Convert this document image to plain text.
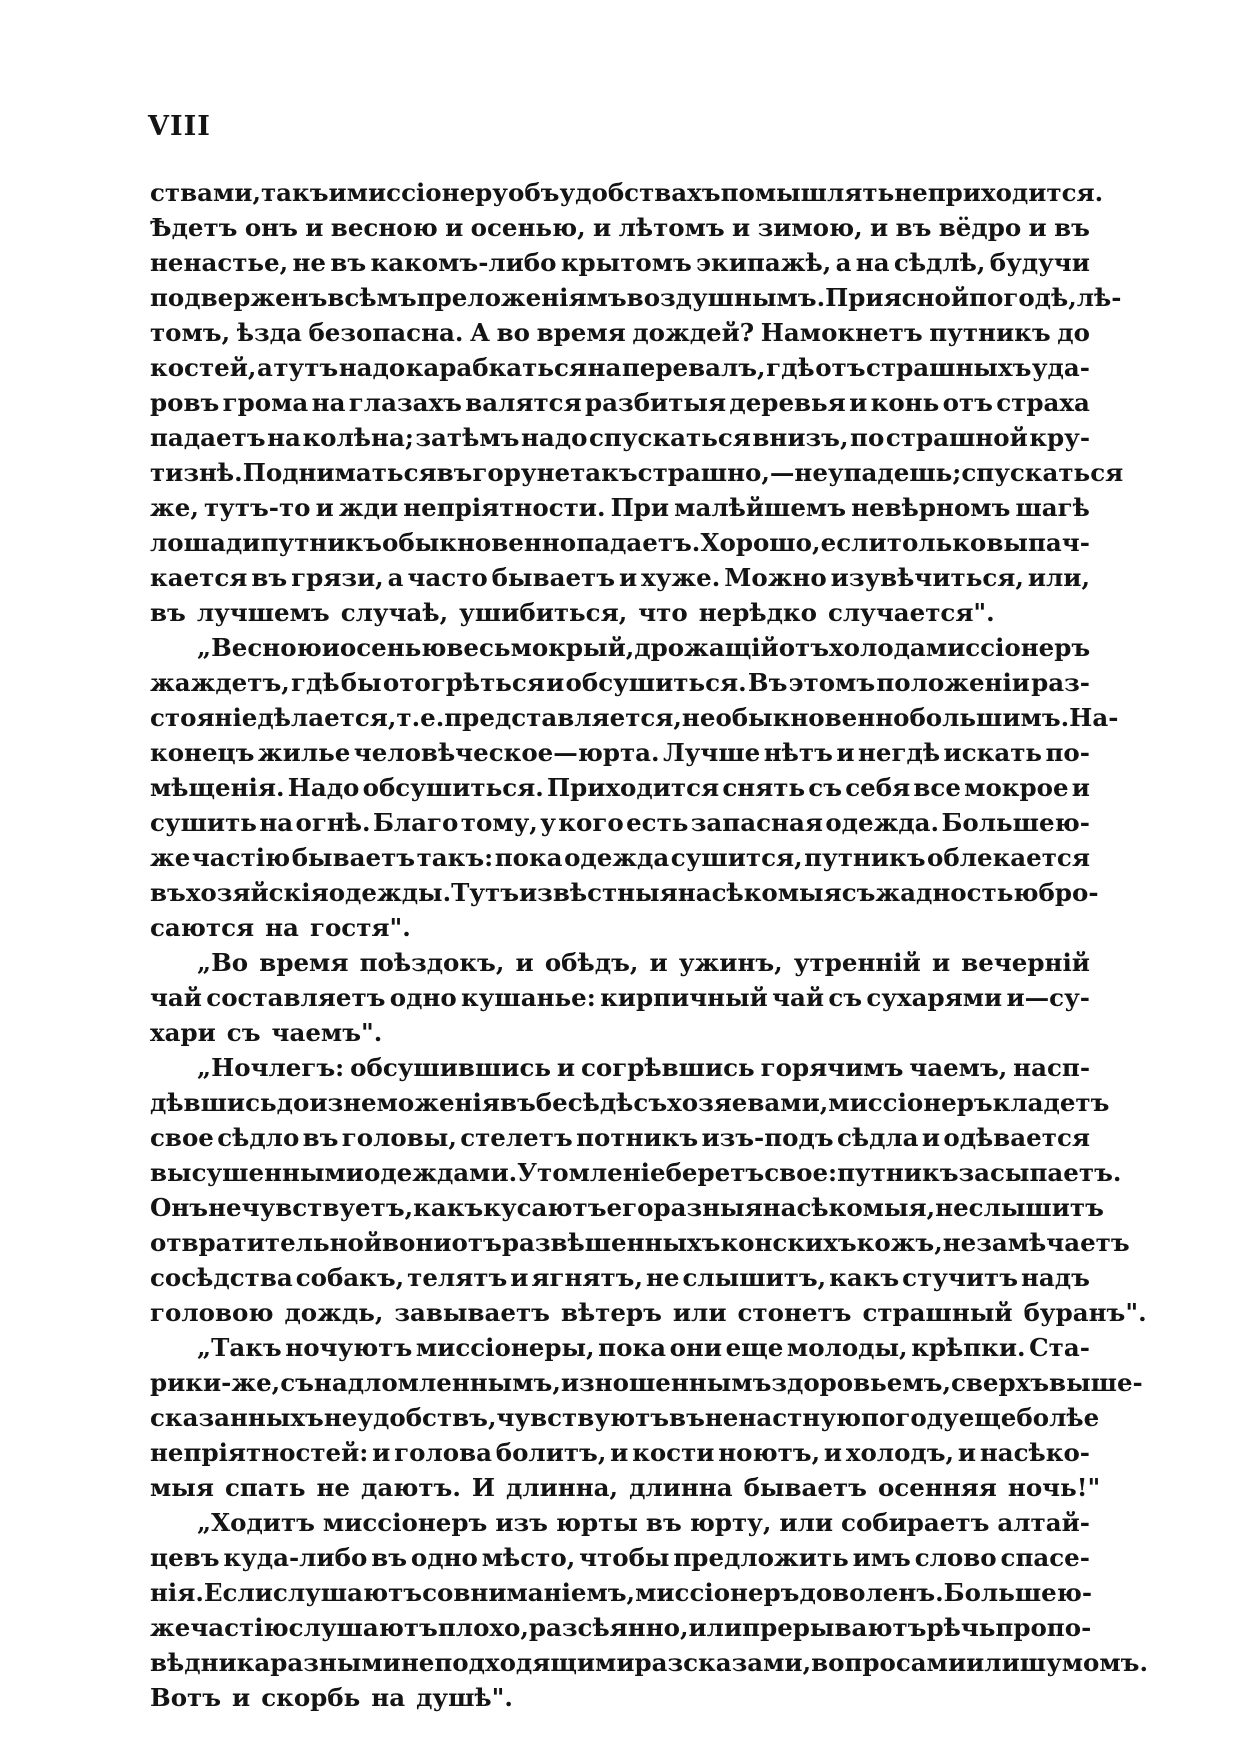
VIII
ствами, такъ и миссіонеру объ удобствахъ помышлять не приходится.
Ѣдетъ онъ и весною и осенью, и лѣтомъ и зимою, и въ вёдро и въ
ненастье, не въ какомъ-либо крытомъ экипажѣ, а на сѣдлѣ, будучи
подверженъ всѣмъ преложеніямъ воздушнымъ. При ясной погодѣ, лѣ-
томъ, ѣзда безопасна. А во время дождей? Намокнетъ путникъ до
костей, а тутъ надо карабкаться на перевалъ, гдѣ отъ страшныхъ уда-
ровъ грома на глазахъ валятся разбитыя деревья и конь отъ страха
падаетъ на колѣна; затѣмъ надо спускаться внизъ, по страшной кру-
тизнѣ. Подниматься въ гору не такъ страшно,—не упадешь; спускаться
же, тутъ-то и жди непріятности. При малѣйшемъ невѣрномъ шагѣ
лошади путникъ обыкновенно падаетъ. Хорошо, если только выпач-
кается въ грязи, а часто бываетъ и хуже. Можно изувѣчиться, или,
въ лучшемъ случаѣ, ушибиться, что нерѣдко случается".
„Весною и осенью весь мокрый, дрожащій отъ холода миссіонеръ
жаждетъ, гдѣ бы отогрѣться и обсушиться. Въ этомъ положеніи раз-
стояніе дѣлается, т. е. представляется, необыкновенно большимъ. На-
конецъ жилье человѣческое—юрта. Лучше нѣтъ и негдѣ искать по-
мѣщенія. Надо обсушиться. Приходится снять съ себя все мокрое и
сушить на огнѣ. Благо тому, у кого есть запасная одежда. Большею-
же частію бываетъ такъ: пока одежда сушится, путникъ облекается
въ хозяйскія одежды. Тутъ извѣстныя насѣкомыя съ жадностью бро-
саются на гостя".
„Во время поѣздокъ, и обѣдъ, и ужинъ, утренній и вечерній
чай составляетъ одно кушанье: кирпичный чай съ сухарями и—су-
хари съ чаемъ".
„Ночлегъ: обсушившись и согрѣвшись горячимъ чаемъ, насп-
дѣвшись до изнеможенія въ бесѣдѣ съ хозяевами, миссіонеръ кладетъ
свое сѣдло въ головы, стелетъ потникъ изъ-подъ сѣдла и одѣвается
высушенными одеждами. Утомленіе беретъ свое: путникъ засыпаетъ.
Онъ не чувствуетъ, какъ кусаютъ его разныя насѣкомыя, не слышитъ
отвратительной вони отъ развѣшенныхъ конскихъ кожъ, не замѣчаетъ
сосѣдства собакъ, телятъ и ягнятъ, не слышитъ, какъ стучитъ надъ
головою дождь, завываетъ вѣтеръ или стонетъ страшный буранъ".
„Такъ ночуютъ миссіонеры, пока они еще молоды, крѣпки. Ста-
рики-же, съ надломленнымъ, изношеннымъ здоровьемъ, сверхъ выше-
сказанныхъ неудобствъ, чувствуютъ въ ненастную погоду еще болѣе
непріятностей: и голова болитъ, и кости ноютъ, и холодъ, и насѣко-
мыя спать не даютъ. И длинна, длинна бываетъ осенняя ночь!"
„Ходитъ миссіонеръ изъ юрты въ юрту, или собираетъ алтай-
цевъ куда-либо въ одно мѣсто, чтобы предложить имъ слово спасе-
нія. Если слушаютъ со вниманіемъ, миссіонеръ доволенъ. Большею-
же частію слушаютъ плохо, разсѣянно, или прерываютъ рѣчь пропо-
вѣдника разными неподходящими разсказами, вопросами или шумомъ.
Вотъ и скорбь на душѣ".
